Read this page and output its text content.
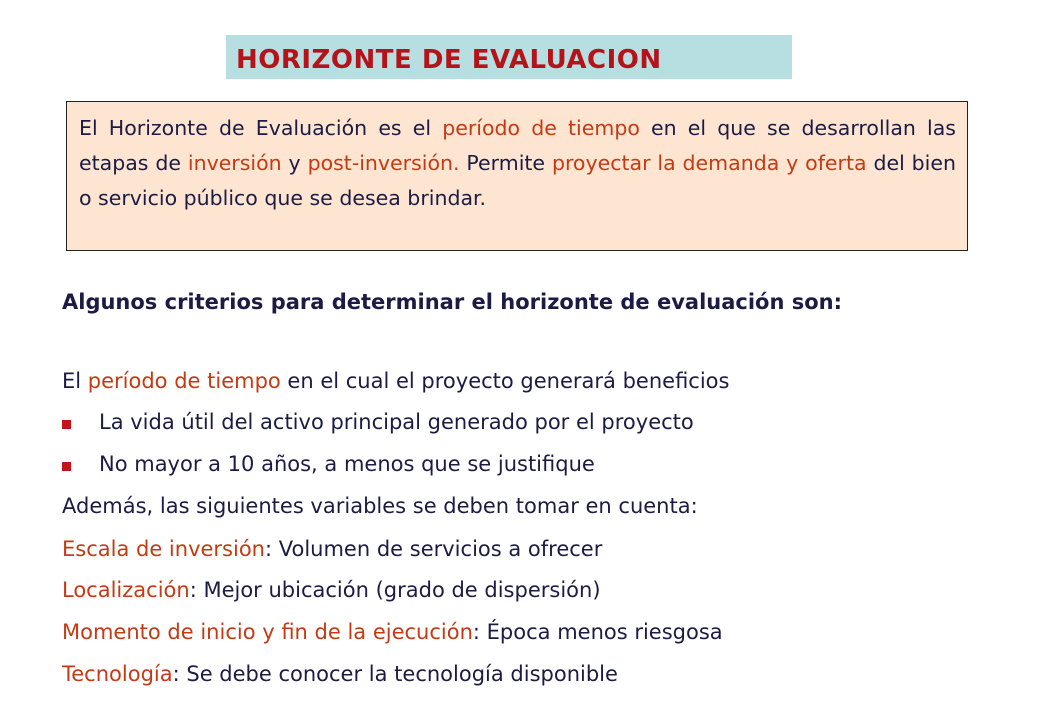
HORIZONTE DE EVALUACION
El Horizonte de Evaluación es el período de tiempo en el que se desarrollan las etapas de inversión y post-inversión. Permite proyectar la demanda y oferta del bien o servicio público que se desea brindar.
Algunos criterios para determinar el horizonte de evaluación son:
El período de tiempo en el cual el proyecto generará beneficios
La vida útil del activo principal generado por el proyecto
No mayor a 10 años, a menos que se justifique
Además, las siguientes variables se deben tomar en cuenta:
Escala de inversión: Volumen de servicios a ofrecer
Localización: Mejor ubicación (grado de dispersión)
Momento de inicio y fin de la ejecución: Época menos riesgosa
Tecnología: Se debe conocer la tecnología disponible
